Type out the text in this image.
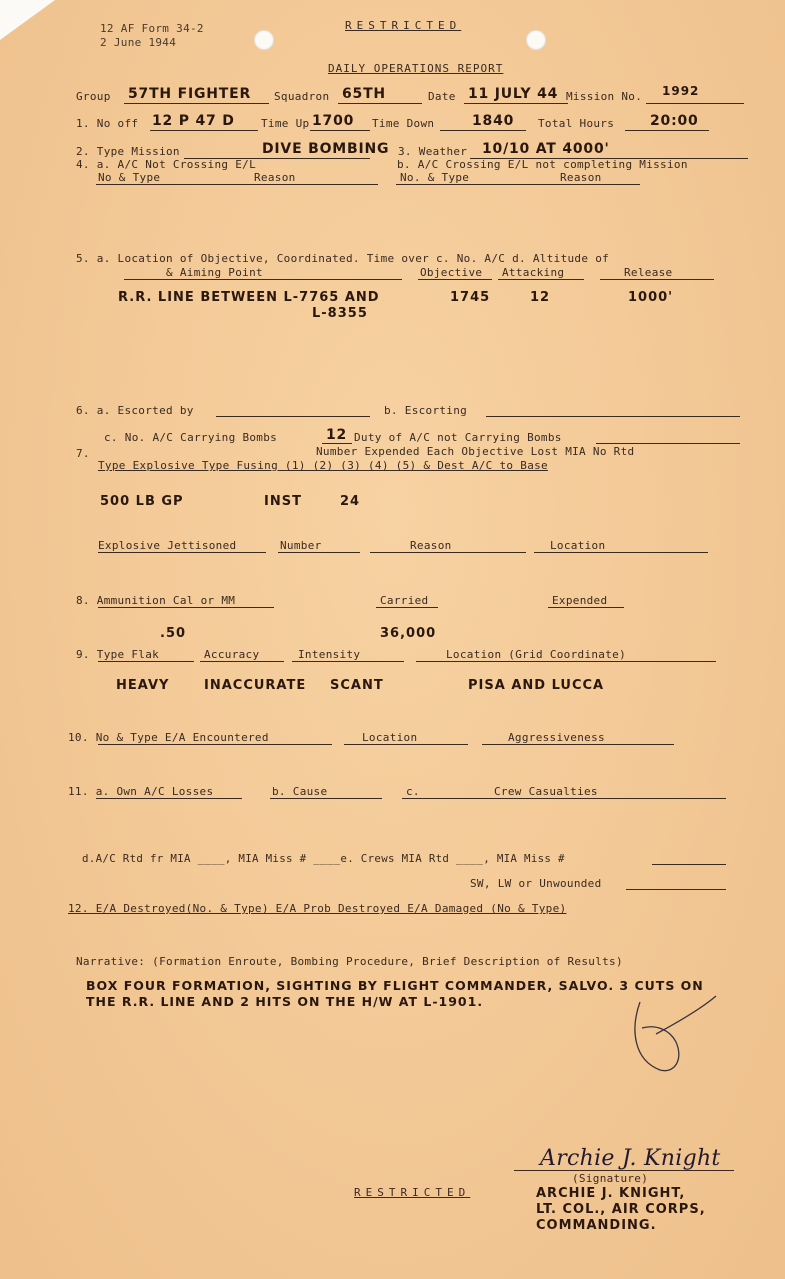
12 AF Form 34-2
2 June 1944
RESTRICTED
DAILY OPERATIONS REPORT
Group 57TH FIGHTER Squadron 65TH	Date 11 JULY 44 Mission No. 1992
1. No off 12 P 47 D Time Up 1700 Time Down	1840 Total Hours	20:00
2. Type Mission	DIVE BOMBING 3. Weather 10/10 AT 4000'
4. a. A/C Not Crossing E/L	b. A/C Crossing E/L not completing Mission
No & Type	Reason	No. & Type	Reason
5. a. Location of Objective, Coordinated. Time over c. No. A/C d. Altitude of
& Aiming Point	Objective Attacking	Release
R.R. LINE BETWEEN L-7765 AND
L-8355
1745	12	1000'
6. a. Escorted by	b. Escorting
c. No. A/C Carrying Bombs	12 Duty of A/C not Carrying Bombs
Number Expended Each Objective Lost MIA No Rtd
7.
Type Explosive Type Fusing (1) (2) (3) (4) (5) & Dest A/C to Base
500 LB GP	INST	24
Explosive Jettisoned	Number	Reason	Location
8. Ammunition Cal or MM	Carried	Expended
.50	36,000
9. Type Flak	Accuracy	Intensity	Location (Grid Coordinate)
HEAVY	INACCURATE SCANT	PISA AND LUCCA
10. No & Type E/A Encountered	Location	Aggressiveness
11. a. Own A/C Losses	b. Cause	c.	Crew Casualties
d.A/C Rtd fr MIA ____, MIA Miss # ____e. Crews MIA Rtd ____, MIA Miss #
SW, LW or Unwounded
12. E/A Destroyed(No. & Type) E/A Prob Destroyed E/A Damaged (No & Type)
Narrative: (Formation Enroute, Bombing Procedure, Brief Description of Results)
BOX FOUR FORMATION, SIGHTING BY FLIGHT COMMANDER, SALVO. 3 CUTS ON
THE R.R. LINE AND 2 HITS ON THE H/W AT L-1901.
Archie J. Knight
(Signature)
RESTRICTED	ARCHIE J. KNIGHT,
LT. COL., AIR CORPS,
COMMANDING.
